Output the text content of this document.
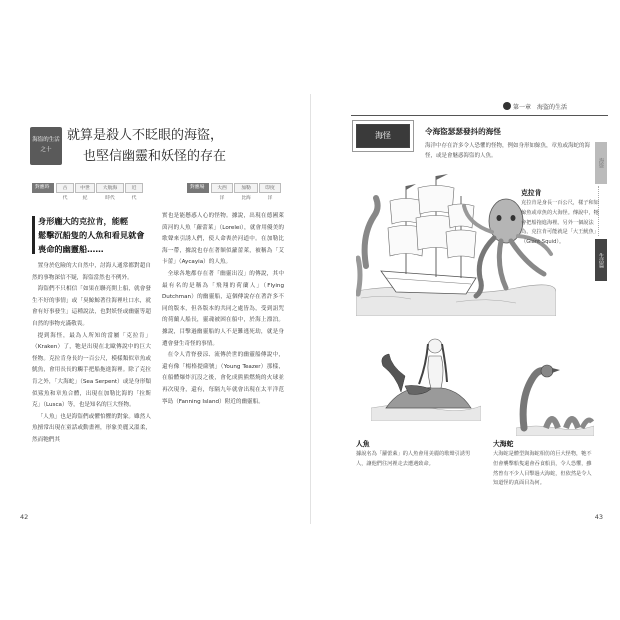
海盜的生活
之十
就算是殺人不眨眼的海盜，
也堅信幽靈和妖怪的存在
對應時代
古代
中世紀
大航海時代
近代
對應場域
大西洋
加勒比海
印度洋
身形龐大的克拉肯，能輕
鬆擊沉船隻的人魚和看見就會
喪命的幽靈船……

置身於危險的大自然中，討海人通常都對超自然的事物深信不疑，海盜當然也不例外。

海盜們不只相信「如果在聯亮開上船，就會發生不好的事情」或「臭鯨鯨著往海裡吐口水，就會有好事發生」這種說法，也對妖怪或幽靈等超自然的事物充滿敬畏。

提到海怪，最為人所知的當屬「克拉肯」（Kraken）了，牠是出現在北歐傳說中的巨大怪物。克拉肯身長約一百公尺，模樣類似章魚或魷魚，會用長長的觸手把船拖進海裡。除了克拉肯之外，「大海蛇」（Sea Serpent）或是身形類似鯊魚和章魚合體，出現在加勒比海的「拉斯克」（Lusca）等，也是知名的巨大怪物。

「人魚」也是海盜們或懼怕懼的對象。雖然人魚擅常出現在童話或動畫裡，形象美麗又溫柔，然而牠們其

實也是能懸惑人心的怪物。據說，出現在德國萊茵河的人魚「蘿蕾萊」（Lorelei），就會用優美的歌聲來引誘人們，使人命喪於河道中。在加勒比海一帶，據說也存在著額似蘿蕾萊，被稱為「艾卡蕾」（Aycayia）的人魚。

全球各地都存在著「幽靈出沒」的傳說，其中最有名的是稱為「飛翔的荷蘭人」（Flying Dutchman）的幽靈船，這個傳說存在著許多不同的版本，但各版本的共同之處皆為，受到詛咒的荷蘭人船長，靈魂被困在船中，於海上漂泊。據說，目擊過幽靈船的人不是難逃死劫，就是身遭會發生奇怪的事情。

在令人背脊發涼、流傳於世的幽靈船傳說中，還有像「楊格提薩號」（Young Teazer）那樣，在船體爆炸沉沒之後，會化成熊熊燃燒的火球並再次現身，還有，每隔九年就會出現在太平洋范寧島（Fanning Island）附近的幽靈船。

42
第一章　海盜的生活
海怪	令海盜瑟瑟發抖的海怪
海洋中存在許多令人恐懼的怪物，例如身形如鯨魚，章魚或海蛇的海怪，或是會魅惑海盜的人魚。
海盜
生活篇
克拉肯
克拉肯是身長一百公尺，樣子和如鯨魚或章魚的大海怪。傳說中，牠會把船拖進海裡。另外一個說法為，克拉肯可能就是「大王魷魚」（Giant Squid）。
人魚
據說名為「蘿蕾萊」的人魚會用美麗的歌聲引誘男人，讓他們往河裡走去遭遇致命。
大海蛇
大海蛇是體型與海蛇相仿的巨大怪物，牠不但會襲擊船隻還會吞食船員，令人恐懼，雖然曾有不少人目擊過大海蛇，但依然是令人知道怪的真面目為何。
43
